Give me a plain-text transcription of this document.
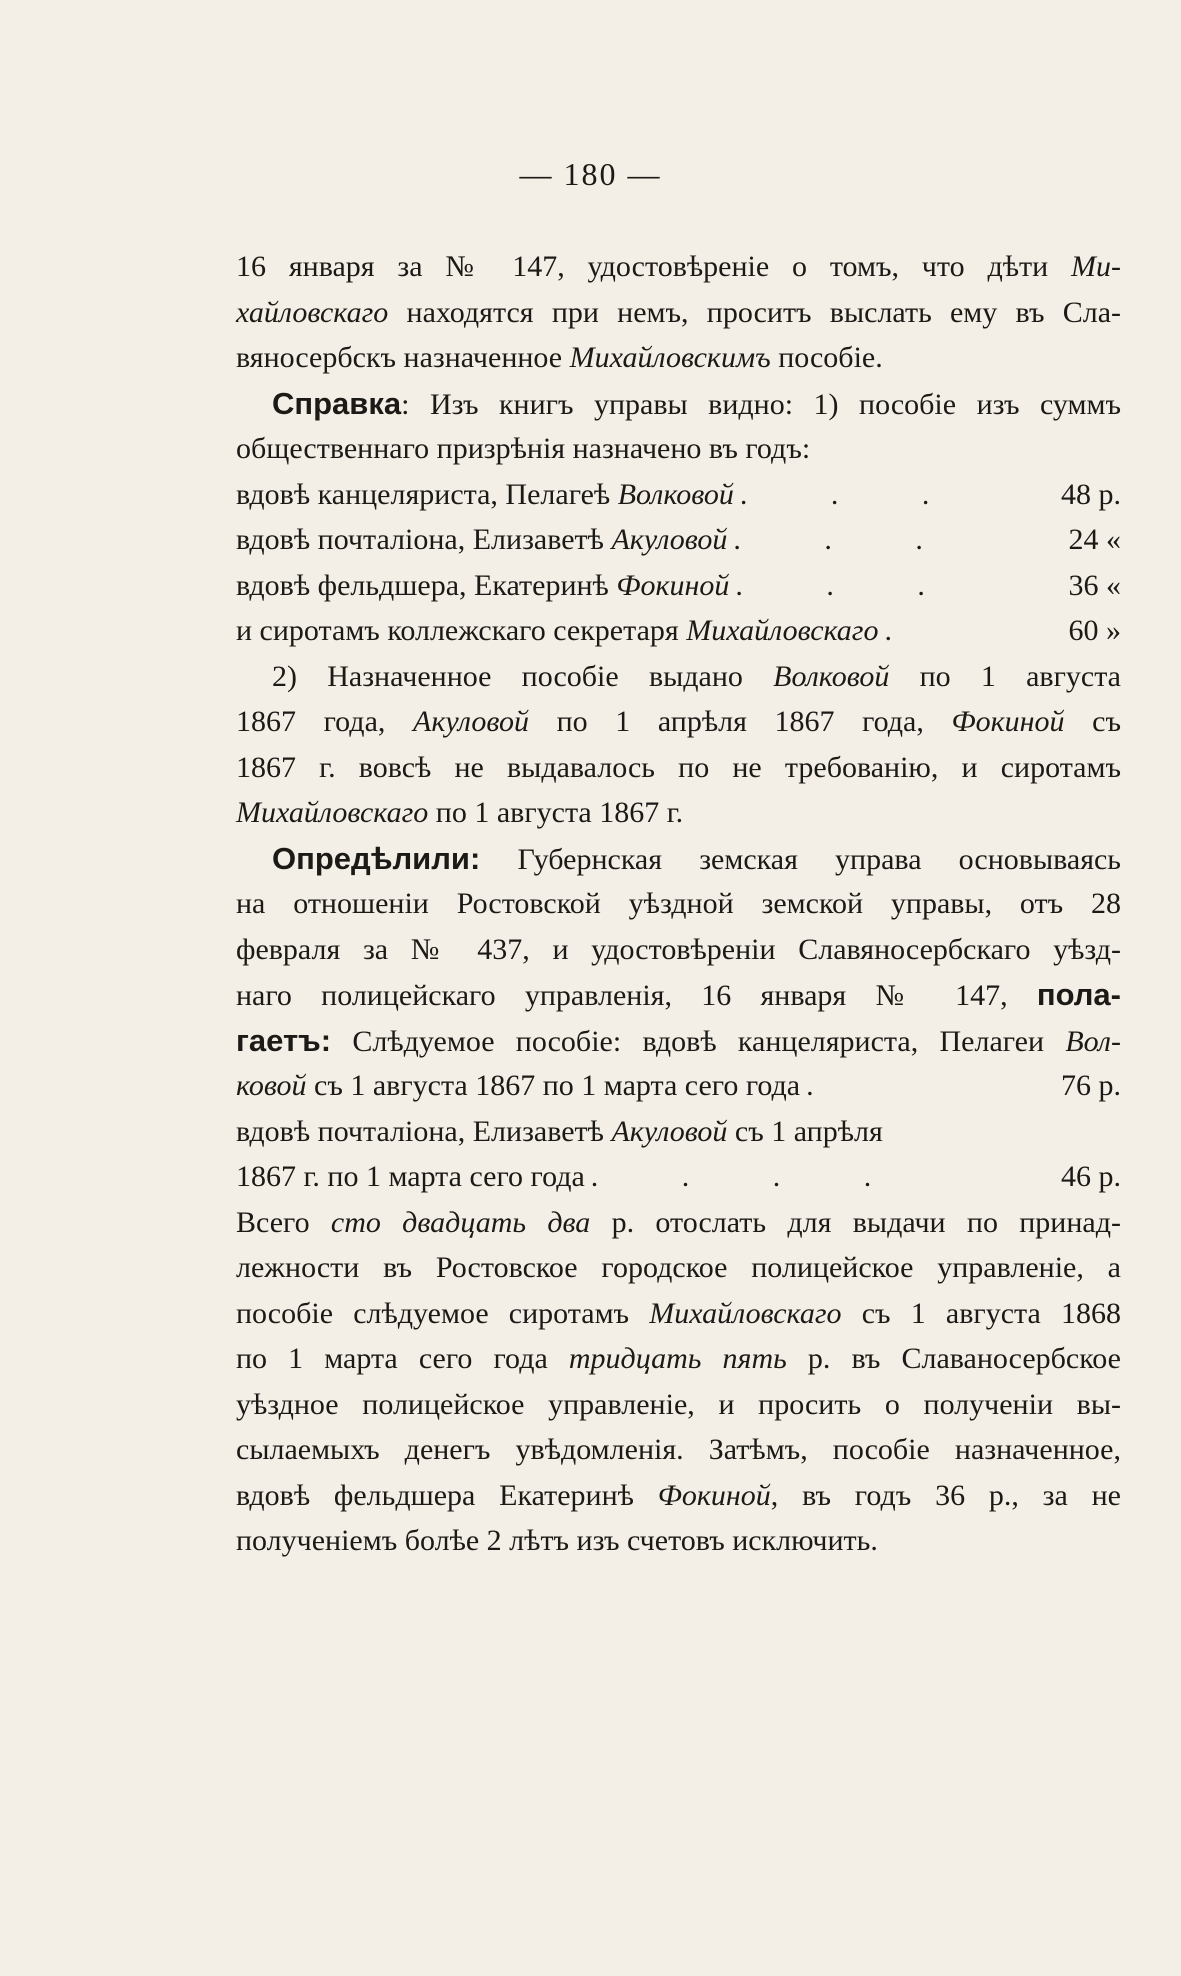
— 180 —
16 января за № 147, удостовѣреніе о томъ, что дѣти Ми-
хайловскаго находятся при немъ, проситъ выслать ему въ Сла-
вяносербскъ назначенное Михайловскимъ пособіе.
Справка: Изъ книгъ управы видно: 1) пособіе изъ суммъ
общественнаго призрѣнія назначено въ годъ:
вдовѣ канцеляриста, Пелагеѣ Волковой . . .	48 р.
вдовѣ почталіона, Елизаветѣ Акуловой . . .	24 «
вдовѣ фельдшера, Екатеринѣ Фокиной . . .	36 «
и сиротамъ коллежскаго секретаря Михайловскаго .	60 »
2) Назначенное пособіе выдано Волковой по 1 августа
1867 года, Акуловой по 1 апрѣля 1867 года, Фокиной съ
1867 г. вовсѣ не выдавалось по не требованію, и сиротамъ
Михайловскаго по 1 августа 1867 г.
Опредѣлили: Губернская земская управа основываясь
на отношеніи Ростовской уѣздной земской управы, отъ 28
февраля за № 437, и удостовѣреніи Славяносербскаго уѣзд-
наго полицейскаго управленія, 16 января № 147, пола-
гаетъ: Слѣдуемое пособіе: вдовѣ канцеляриста, Пелагеи Вол-
ковой съ 1 августа 1867 по 1 марта сего года .	76 р.
вдовѣ почталіона, Елизаветѣ Акуловой съ 1 апрѣля
1867 г. по 1 марта сего года . . . .	46 р.
Всего сто двадцать два р. отослать для выдачи по принад-
лежности въ Ростовское городское полицейское управленіе, а
пособіе слѣдуемое сиротамъ Михайловскаго съ 1 августа 1868
по 1 марта сего года тридцать пять р. въ Славаносербское
уѣздное полицейское управленіе, и просить о полученіи вы-
сылаемыхъ денегъ увѣдомленія. Затѣмъ, пособіе назначенное,
вдовѣ фельдшера Екатеринѣ Фокиной, въ годъ 36 р., за не
полученіемъ болѣе 2 лѣтъ изъ счетовъ исключить.
